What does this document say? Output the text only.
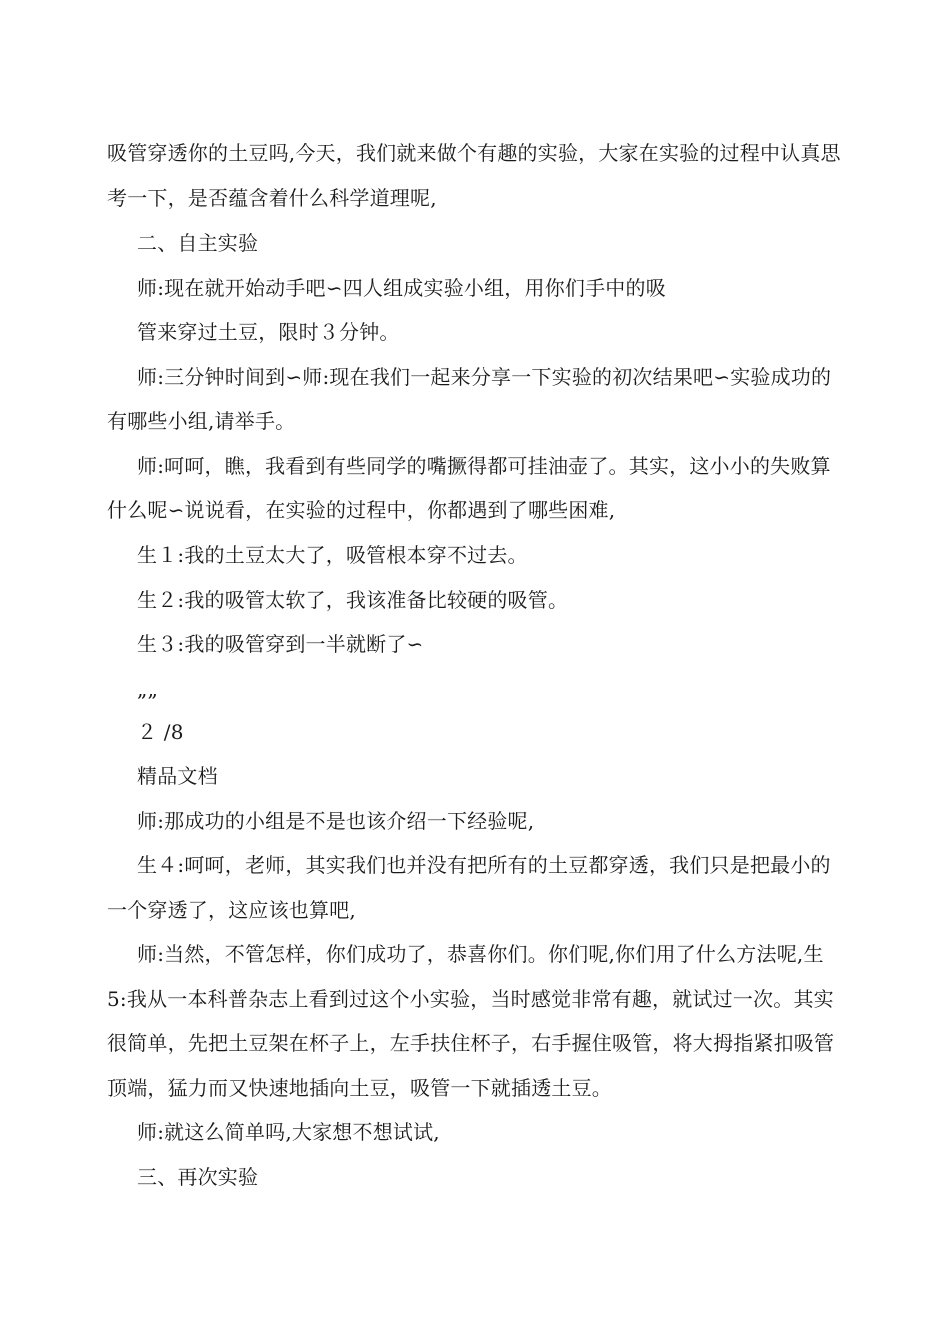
吸管穿透你的土豆吗,今天，我们就来做个有趣的实验，大家在实验的过程中认真思
考一下，是否蕴含着什么科学道理呢,
二、自主实验
师:现在就开始动手吧∽四人组成实验小组，用你们手中的吸
管来穿过土豆，限时３分钟。
师:三分钟时间到∽师:现在我们一起来分享一下实验的初次结果吧∽实验成功的
有哪些小组,请举手。
师:呵呵，瞧，我看到有些同学的嘴撅得都可挂油壶了。其实，这小小的失败算
什么呢∽说说看，在实验的过程中，你都遇到了哪些困难,
生１:我的土豆太大了，吸管根本穿不过去。
生２:我的吸管太软了，我该准备比较硬的吸管。
生３:我的吸管穿到一半就断了∽
„„
２ /8
精品文档
师:那成功的小组是不是也该介绍一下经验呢,
生４:呵呵，老师，其实我们也并没有把所有的土豆都穿透，我们只是把最小的
一个穿透了，这应该也算吧,
师:当然，不管怎样，你们成功了，恭喜你们。你们呢,你们用了什么方法呢,生
5:我从一本科普杂志上看到过这个小实验，当时感觉非常有趣，就试过一次。其实
很简单，先把土豆架在杯子上，左手扶住杯子，右手握住吸管，将大拇指紧扣吸管
顶端，猛力而又快速地插向土豆，吸管一下就插透土豆。
师:就这么简单吗,大家想不想试试,
三、再次实验
